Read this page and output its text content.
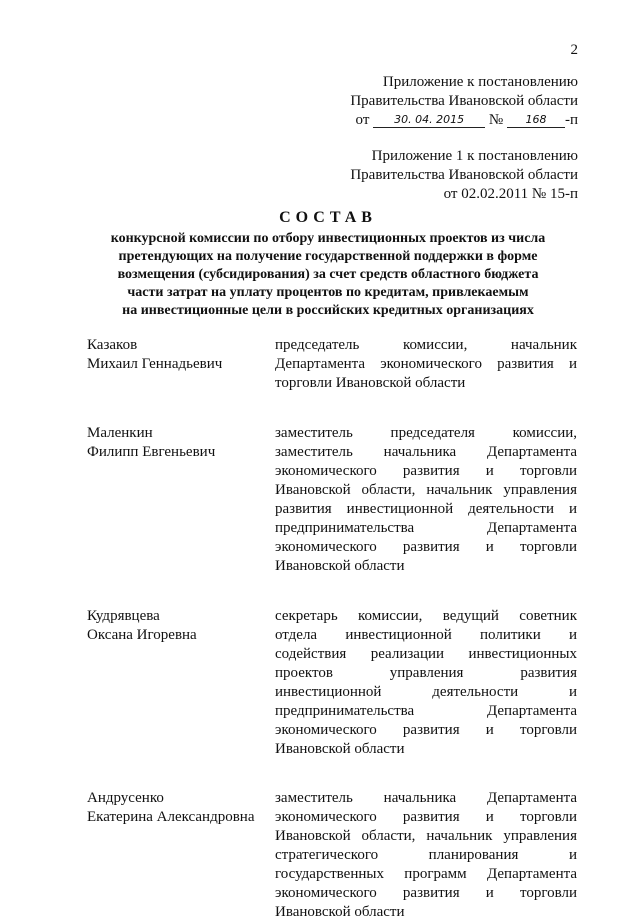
2
Приложение к постановлению
Правительства Ивановской области
от 30. 04. 2015 № 168 -п
Приложение 1 к постановлению
Правительства Ивановской области
от 02.02.2011 № 15-п
СОСТАВ
конкурсной комиссии по отбору инвестиционных проектов из числа
претендующих на получение государственной поддержки в форме
возмещения (субсидирования) за счет средств областного бюджета
части затрат на уплату процентов по кредитам, привлекаемым
на инвестиционные цели в российских кредитных организациях
Казаков
Михаил Геннадьевич
председатель комиссии, начальник
Департамента экономического развития и
торговли Ивановской области
Маленкин
Филипп Евгеньевич
заместитель председателя комиссии,
заместитель начальника Департамента
экономического развития и торговли
Ивановской области, начальник управления
развития инвестиционной деятельности и
предпринимательства Департамента
экономического развития и торговли
Ивановской области
Кудрявцева
Оксана Игоревна
секретарь комиссии, ведущий советник
отдела инвестиционной политики и
содействия реализации инвестиционных
проектов управления развития
инвестиционной деятельности и
предпринимательства Департамента
экономического развития и торговли
Ивановской области
Андрусенко
Екатерина Александровна
заместитель начальника Департамента
экономического развития и торговли
Ивановской области, начальник управления
стратегического планирования и
государственных программ Департамента
экономического развития и торговли
Ивановской области
